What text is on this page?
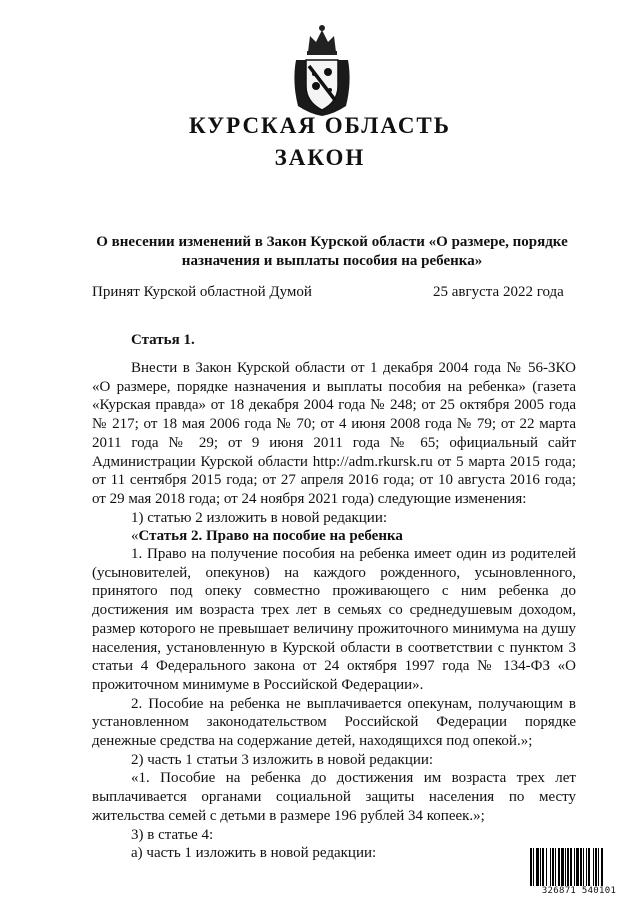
КУРСКАЯ ОБЛАСТЬ
ЗАКОН
О внесении изменений в Закон Курской области «О размере, порядке назначения и выплаты пособия на ребенка»
Принят Курской областной Думой	25 августа 2022 года
Статья 1.

Внести в Закон Курской области от 1 декабря 2004 года № 56-ЗКО «О размере, порядке назначения и выплаты пособия на ребенка» (газета «Курская правда» от 18 декабря 2004 года № 248; от 25 октября 2005 года № 217; от 18 мая 2006 года № 70; от 4 июня 2008 года № 79; от 22 марта 2011 года № 29; от 9 июня 2011 года № 65; официальный сайт Администрации Курской области http://adm.rkursk.ru от 5 марта 2015 года; от 11 сентября 2015 года; от 27 апреля 2016 года; от 10 августа 2016 года; от 29 мая 2018 года; от 24 ноября 2021 года) следующие изменения:

1) статью 2 изложить в новой редакции:

«Статья 2. Право на пособие на ребенка

1. Право на получение пособия на ребенка имеет один из родителей (усыновителей, опекунов) на каждого рожденного, усыновленного, принятого под опеку совместно проживающего с ним ребенка до достижения им возраста трех лет в семьях со среднедушевым доходом, размер которого не превышает величину прожиточного минимума на душу населения, установленную в Курской области в соответствии с пунктом 3 статьи 4 Федерального закона от 24 октября 1997 года № 134-ФЗ «О прожиточном минимуме в Российской Федерации».

2. Пособие на ребенка не выплачивается опекунам, получающим в установленном законодательством Российской Федерации порядке денежные средства на содержание детей, находящихся под опекой.»;

2) часть 1 статьи 3 изложить в новой редакции:

«1. Пособие на ребенка до достижения им возраста трех лет выплачивается органами социальной защиты населения по месту жительства семей с детьми в размере 196 рублей 34 копеек.»;

3) в статье 4:

а) часть 1 изложить в новой редакции:

326871 540101
